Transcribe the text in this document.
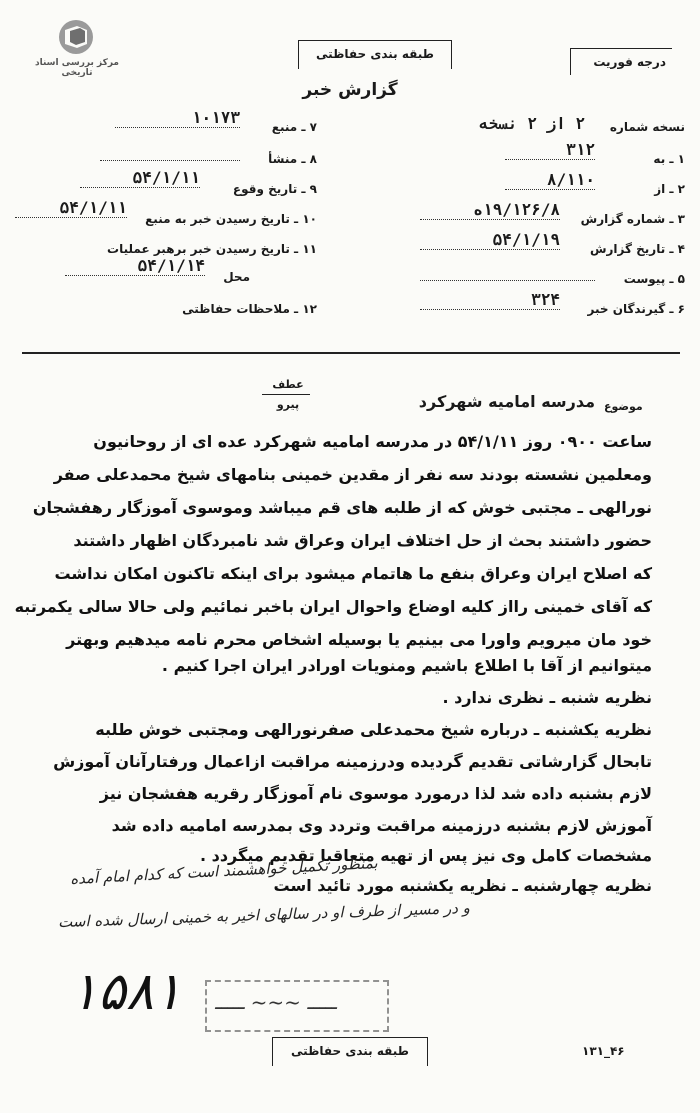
مرکز بررسی اسناد تاریخی
طبقه بندی حفاظتی
درجه فوریت
گزارش خبر
نسخه شماره
۲ از ۲ نسخه
۱ ـ به
۳۱۲
۲ ـ از
۸/۱۱۰
۳ ـ شماره گزارش
۱۹/۱۲۶/۸ه
۴ ـ تاریخ گزارش
۵۴/۱/۱۹
۵ ـ پیوست
۶ ـ گیرندگان خبر
۳۲۴
۷ ـ منبع
۱۰۱۷۳
۸ ـ منشأ
۹ ـ تاریخ وقوع
۵۴/۱/۱۱
۱۰ ـ تاریخ رسیدن خبر به منبع
۵۴/۱/۱۱
۱۱ ـ تاریخ رسیدن خبر برهبر عملیات
محل
۵۴/۱/۱۴
۱۲ ـ ملاحظات حفاظتی
عطف
پیرو	موضوع
مدرسه امامیه شهرکرد
ساعت ۰۹۰۰ روز ۵۴/۱/۱۱ در مدرسه امامیه شهرکرد عده ای از روحانیون
ومعلمین نشسته بودند سه نفر از مقدین خمینی بنامهای شیخ محمدعلی صفر
نورالهی ـ مجتبی خوش که از طلبه های قم میباشد وموسوی آموزگار رهفشجان
حضور داشتند بحث از حل اختلاف ایران وعراق شد نامبردگان اظهار داشتند
که اصلاح ایران وعراق بنفع ما هاتمام میشود برای اینکه تاکنون امکان نداشت
که آقای خمینی رااز کلیه اوضاع واحوال ایران باخبر نمائیم ولی حالا سالی یکمرتبه
خود مان میرویم واورا می بینیم یا بوسیله اشخاص محرم نامه میدهیم وبهتر
میتوانیم از آقا با اطلاع باشیم ومنویات اورادر ایران اجرا کنیم .
نظریه شنبه ـ نظری ندارد .
نظریه یکشنبه ـ درباره شیخ محمدعلی صفرنورالهی ومجتبی خوش طلبه
تابحال گزارشاتی تقدیم گردیده ودرزمینه مراقبت ازاعمال ورفتارآنان آموزش
لازم بشنبه داده شد لذا درمورد موسوی نام آموزگار رقریه هفشجان نیز
آموزش لازم بشنبه درزمینه مراقبت وتردد وی بمدرسه امامیه داده شد
مشخصات کامل وی نیز پس از تهیه متعاقبا تقدیم میگردد .
نظریه چهارشنبه ـ نظریه یکشنبه مورد تائید است
بمنظور تکمیل خواهشمند است که کدام امام آمده
و در مسیر از طرف او در سالهای اخیر به خمینی ارسال شده است
۱۵۸۱ ـــــ ~~~ ـــــ
طبقه بندی حفاظتی	۴۶_۱۳۱
